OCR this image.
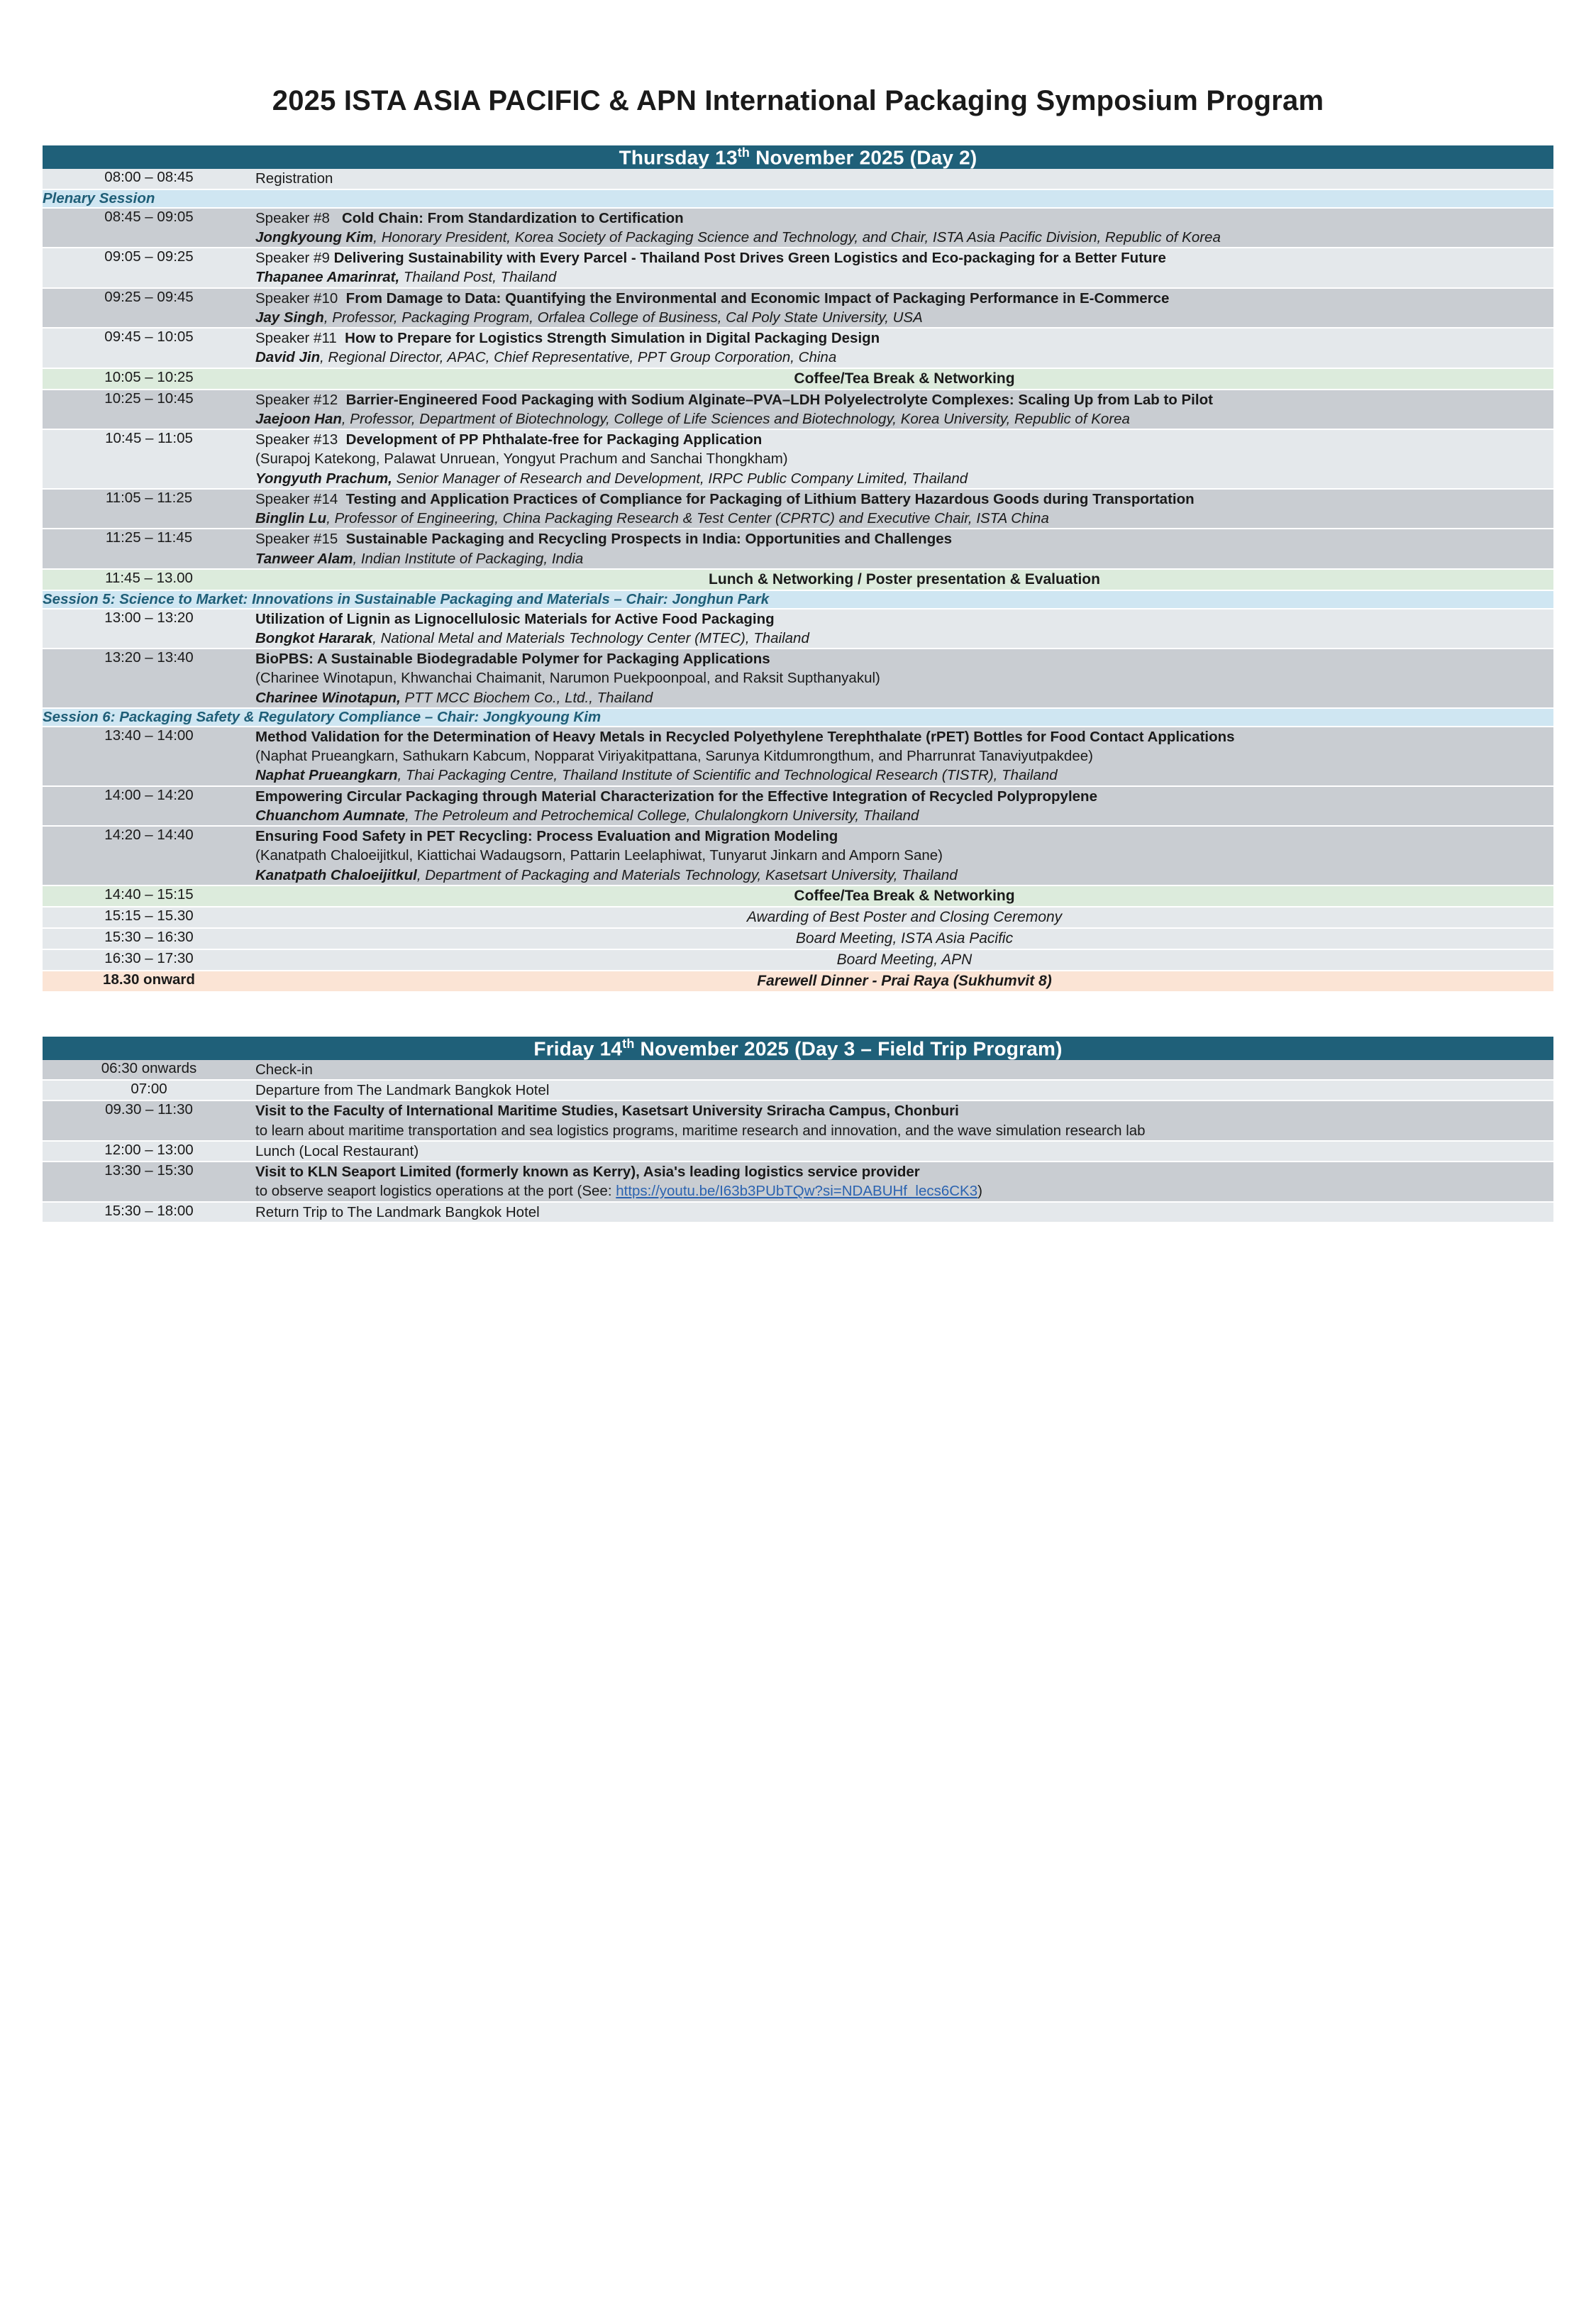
2025 ISTA ASIA PACIFIC & APN International Packaging Symposium Program
Thursday 13th November 2025 (Day 2)	
08:00 – 08:45	Registration
Plenary Session	
08:45 – 09:05	Speaker #8 Cold Chain: From Standardization to Certification
Jongkyoung Kim, Honorary President, Korea Society of Packaging Science and Technology, and Chair, ISTA Asia Pacific Division, Republic of Korea

09:05 – 09:25	Speaker #9 Delivering Sustainability with Every Parcel - Thailand Post Drives Green Logistics and Eco-packaging for a Better Future
Thapanee Amarinrat, Thailand Post, Thailand

09:25 – 09:45	Speaker #10 From Damage to Data: Quantifying the Environmental and Economic Impact of Packaging Performance in E-Commerce
Jay Singh, Professor, Packaging Program, Orfalea College of Business, Cal Poly State University, USA

09:45 – 10:05	Speaker #11 How to Prepare for Logistics Strength Simulation in Digital Packaging Design
David Jin, Regional Director, APAC, Chief Representative, PPT Group Corporation, China

10:05 – 10:25	Coffee/Tea Break & Networking
10:25 – 10:45	Speaker #12 Barrier-Engineered Food Packaging with Sodium Alginate–PVA–LDH Polyelectrolyte Complexes: Scaling Up from Lab to Pilot
Jaejoon Han, Professor, Department of Biotechnology, College of Life Sciences and Biotechnology, Korea University, Republic of Korea

10:45 – 11:05	Speaker #13 Development of PP Phthalate-free for Packaging Application
(Surapoj Katekong, Palawat Unruean, Yongyut Prachum and Sanchai Thongkham)
Yongyuth Prachum, Senior Manager of Research and Development, IRPC Public Company Limited, Thailand

11:05 – 11:25	Speaker #14 Testing and Application Practices of Compliance for Packaging of Lithium Battery Hazardous Goods during Transportation
Binglin Lu, Professor of Engineering, China Packaging Research & Test Center (CPRTC) and Executive Chair, ISTA China

11:25 – 11:45	Speaker #15 Sustainable Packaging and Recycling Prospects in India: Opportunities and Challenges
Tanweer Alam, Indian Institute of Packaging, India

11:45 – 13.00	Lunch & Networking / Poster presentation & Evaluation
Session 5: Science to Market: Innovations in Sustainable Packaging and Materials – Chair: Jonghun Park	
13:00 – 13:20	Utilization of Lignin as Lignocellulosic Materials for Active Food Packaging
Bongkot Hararak, National Metal and Materials Technology Center (MTEC), Thailand

13:20 – 13:40	BioPBS: A Sustainable Biodegradable Polymer for Packaging Applications
(Charinee Winotapun, Khwanchai Chaimanit, Narumon Puekpoonpoal, and Raksit Supthanyakul)
Charinee Winotapun, PTT MCC Biochem Co., Ltd., Thailand

Session 6: Packaging Safety & Regulatory Compliance – Chair: Jongkyoung Kim	
13:40 – 14:00	Method Validation for the Determination of Heavy Metals in Recycled Polyethylene Terephthalate (rPET) Bottles for Food Contact Applications
(Naphat Prueangkarn, Sathukarn Kabcum, Nopparat Viriyakitpattana, Sarunya Kitdumrongthum, and Pharrunrat Tanaviyutpakdee)
Naphat Prueangkarn, Thai Packaging Centre, Thailand Institute of Scientific and Technological Research (TISTR), Thailand

14:00 – 14:20	Empowering Circular Packaging through Material Characterization for the Effective Integration of Recycled Polypropylene
Chuanchom Aumnate, The Petroleum and Petrochemical College, Chulalongkorn University, Thailand

14:20 – 14:40	Ensuring Food Safety in PET Recycling: Process Evaluation and Migration Modeling
(Kanatpath Chaloeijitkul, Kiattichai Wadaugsorn, Pattarin Leelaphiwat, Tunyarut Jinkarn and Amporn Sane)
Kanatpath Chaloeijitkul, Department of Packaging and Materials Technology, Kasetsart University, Thailand

14:40 – 15:15	Coffee/Tea Break & Networking
15:15 – 15.30	Awarding of Best Poster and Closing Ceremony
15:30 – 16:30	Board Meeting, ISTA Asia Pacific
16:30 – 17:30	Board Meeting, APN
18.30 onward	Farewell Dinner - Prai Raya (Sukhumvit 8)
Friday 14th November 2025 (Day 3 – Field Trip Program)	
06:30 onwards	Check-in
07:00	Departure from The Landmark Bangkok Hotel
09.30 – 11:30	Visit to the Faculty of International Maritime Studies, Kasetsart University Sriracha Campus, Chonburi
to learn about maritime transportation and sea logistics programs, maritime research and innovation, and the wave simulation research lab

12:00 – 13:00	Lunch (Local Restaurant)
13:30 – 15:30	Visit to KLN Seaport Limited (formerly known as Kerry), Asia's leading logistics service provider
to observe seaport logistics operations at the port (See: https://youtu.be/I63b3PUbTQw?si=NDABUHf_lecs6CK3)

15:30 – 18:00	Return Trip to The Landmark Bangkok Hotel
